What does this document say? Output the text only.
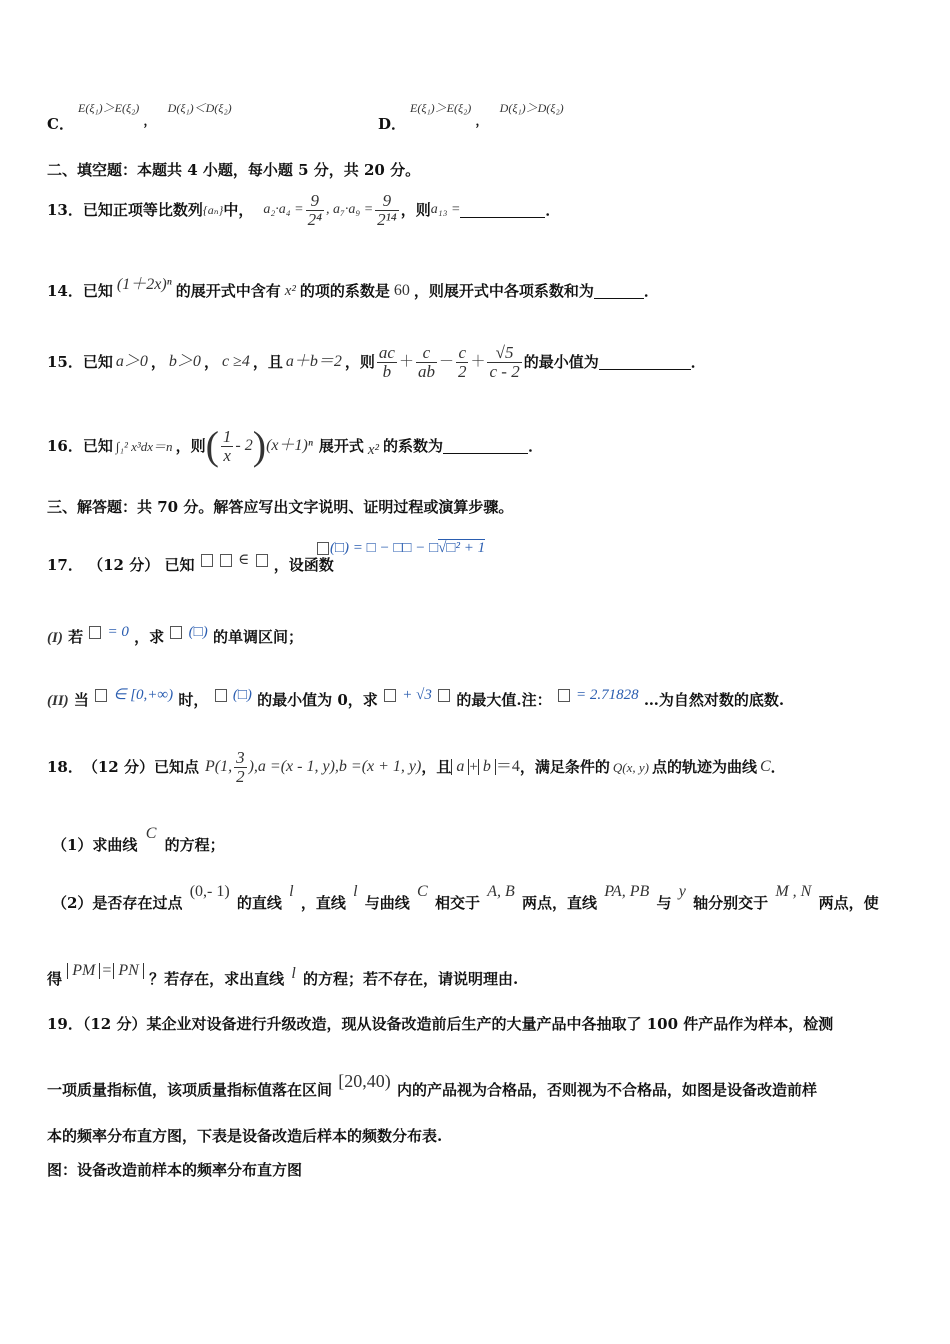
C．
E(ξ₁)＞E(ξ₂) ， D(ξ₁)＜D(ξ₂)
D．
E(ξ₁)＞E(ξ₂) ， D(ξ₁)＞D(ξ₂)
二、填空题：本题共 4 小题，每小题 5 分，共 20 分。
13． 已知正项等比数列 {aₙ} 中， $a_2\cdot a_4 = \frac{9}{\text{2⁴}}$ , $a_7\cdot a_9 = \frac{9}{\text{2¹⁴}}$ ，则 a₁₃ =	．
14． 已知 (1＋2x)ⁿ 的展开式中含有 x² 的项的系数是 60 ，则展开式中各项系数和为	．
15． 已知 a＞0 ， b＞0 ， c ≥4 ，且 a＋b＝2 ，则 $\frac{ac}{b} + \frac{c}{ab} - \frac{c}{2} + \frac{√5}{c - 2}$ 的最小值为	．
16． 已知 ∫₁² x³dx＝n ，则 ( $\frac{1}{x} - 2$ ) (x＋1)ⁿ 展开式 x² 的系数为	．
三、解答题：共 70 分。解答应写出文字说明、证明过程或演算步骤。
17． （12 分） 已知	∈ ，设函数
(□) = □ − □□ − □√□² + 1
(I) 若 = 0 ，求 (□) 的单调区间；
(II) 当 ∈ [0,+∞) 时， (□) 的最小值为 0，求 + √3 的最大值.注： = 2.71828 …为自然对数的底数.
18． （12 分）已知点 P(1, $\frac{3}{2} ),a =(x - 1$, y),b =(x + 1, y) ，且 a + b ＝4 ，满足条件的 Q(x, y) 点的轨迹为曲线 C ．
（1）求曲线 C 的方程；
（2）是否存在过点 (0,- 1) 的直线 l ，直线 l 与曲线 C 相交于 A, B 两点，直线 PA, PB 与 y 轴分别交于 M , N 两点，使
得 PM = PN ？若存在，求出直线 l 的方程；若不存在，请说明理由.
19．（12 分）某企业对设备进行升级改造，现从设备改造前后生产的大量产品中各抽取了 100 件产品作为样本，检测
一项质量指标值，该项质量指标值落在区间 [20,40) 内的产品视为合格品，否则视为不合格品，如图是设备改造前样
本的频率分布直方图，下表是设备改造后样本的频数分布表.
图：设备改造前样本的频率分布直方图
